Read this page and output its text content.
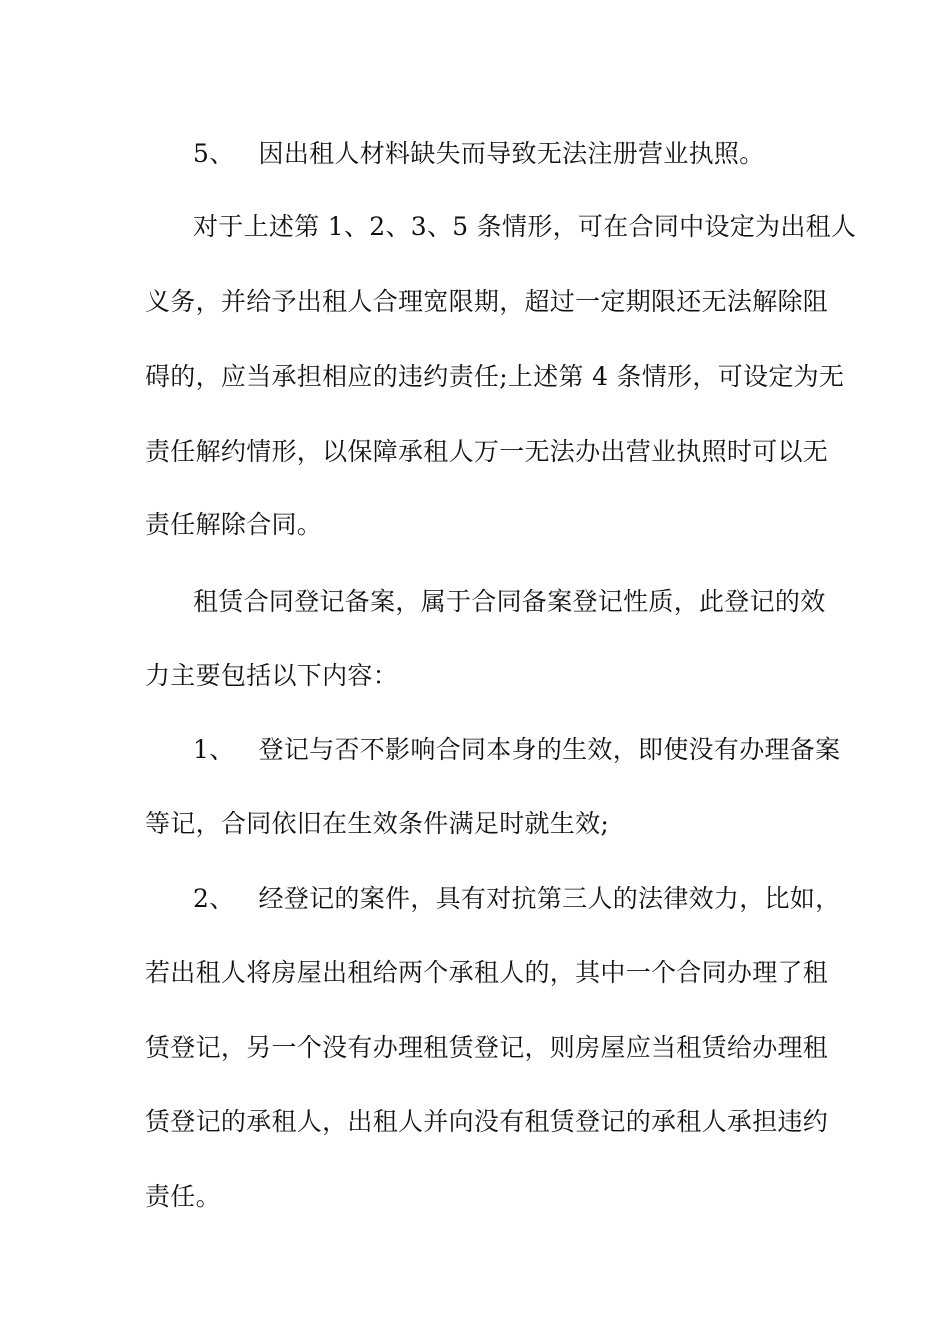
5、 因出租人材料缺失而导致无法注册营业执照。
对于上述第 1、2、3、5 条情形，可在合同中设定为出租人
义务，并给予出租人合理宽限期，超过一定期限还无法解除阻
碍的，应当承担相应的违约责任;上述第 4 条情形，可设定为无
责任解约情形，以保障承租人万一无法办出营业执照时可以无
责任解除合同。
租赁合同登记备案，属于合同备案登记性质，此登记的效
力主要包括以下内容：
1、 登记与否不影响合同本身的生效，即使没有办理备案
等记，合同依旧在生效条件满足时就生效;
2、 经登记的案件，具有对抗第三人的法律效力，比如，
若出租人将房屋出租给两个承租人的，其中一个合同办理了租
赁登记，另一个没有办理租赁登记，则房屋应当租赁给办理租
赁登记的承租人，出租人并向没有租赁登记的承租人承担违约
责任。
